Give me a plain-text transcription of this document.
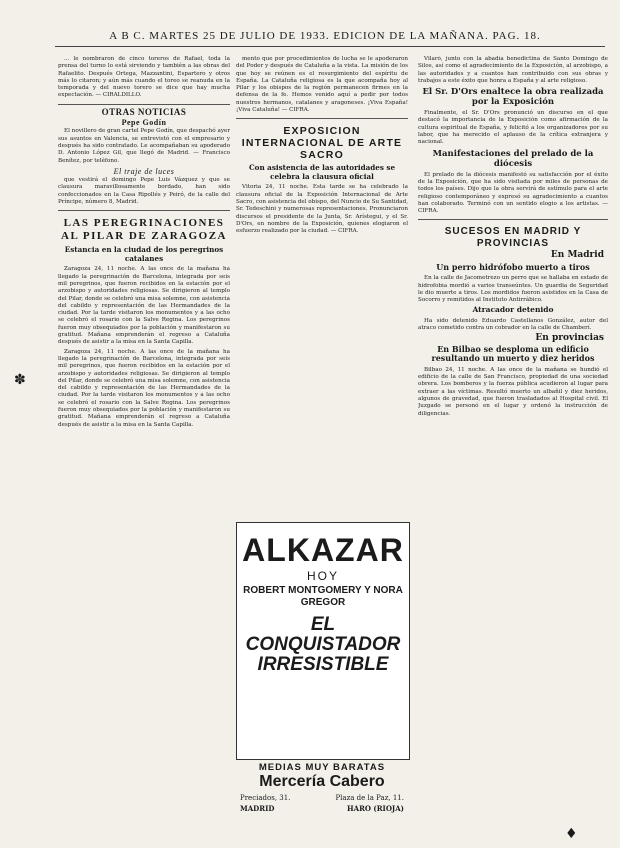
A B C. MARTES 25 DE JULIO DE 1933. EDICION DE LA MAÑANA. PAG. 18.

... le nombraron de cinco toreros de Rafael, toda la prensa del turno lo está sirviendo y también a las obras del Rafaelito. Después Ortega, Mazzantini, Espartero y otros más lo citaron; y aún más cuando el toreo se reanuda en la temporada y del nuevo torero se dice que hay mucha expectación. — CIRALDILLO.

OTRAS NOTICIAS
Pepe Godín

El novillero de gran cartel Pepe Godín, que despachó ayer sus asuntos en Valencia, se entrevistó con el empresario y después ha sido contratado. Le acompañaban su apoderado D. Antonio López Gil, que llegó de Madrid. — Francisco Benítez, por teléfono.

El traje de luces

que vestirá el domingo Pepe Luis Vázquez y que se clausura maravillosamente bordado, han sido confeccionados en la Casa Ripollés y Peiró, de la calle del Príncipe, número 8, Madrid.

LAS PEREGRINACIONES AL PILAR DE ZARAGOZA
Estancia en la ciudad de los peregrinos catalanes

Zaragoza 24, 11 noche. A las once de la mañana ha llegado la peregrinación de Barcelona, integrada por seis mil peregrinos, que fueron recibidos en la estación por el arzobispo y autoridades religiosas. Se dirigieron al templo del Pilar, donde se celebró una misa solemne, con asistencia del cabildo y representación de las Hermandades de la ciudad. Por la tarde visitaron los monumentos y a las ocho se celebró el rosario con la Salve Regina. Los peregrinos fueron muy obsequiados por la población y manifestaron su gratitud. Mañana emprenderán el regreso a Cataluña después de asistir a la misa en la Santa Capilla.

Zaragoza 24, 11 noche. A las once de la mañana ha llegado la peregrinación de Barcelona, integrada por seis mil peregrinos, que fueron recibidos en la estación por el arzobispo y autoridades religiosas. Se dirigieron al templo del Pilar, donde se celebró una misa solemne, con asistencia del cabildo y representación de las Hermandades de la ciudad. Por la tarde visitaron los monumentos y a las ocho se celebró el rosario con la Salve Regina. Los peregrinos fueron muy obsequiados por la población y manifestaron su gratitud. Mañana emprenderán el regreso a Cataluña después de asistir a la misa en la Santa Capilla.

mento que por procedimientos de lucha se le apoderaron del Poder y después de Cataluña a la vista. La misión de los que hoy se reúnen es el resurgimiento del espíritu de España. La Cataluña religiosa es la que acompaña hoy al Pilar y los obispos de la región permanecen firmes en la defensa de la fe. Hemos venido aquí a pedir por todos nuestros hermanos, catalanes y aragoneses. ¡Viva España! ¡Viva Cataluña! — CIFRA.

EXPOSICION INTERNACIONAL DE ARTE SACRO
Con asistencia de las autoridades se celebra la clausura oficial

Vitoria 24, 11 noche. Esta tarde se ha celebrado la clausura oficial de la Exposición Internacional de Arte Sacro, con asistencia del obispo, del Nuncio de Su Santidad, Sr. Tedeschini y numerosas representaciones. Pronunciaron discursos el presidente de la Junta, Sr. Arístegui, y el Sr. D'Ors, en nombre de la Exposición, quienes elogiaron el esfuerzo realizado por la ciudad. — CIFRA.

ALKAZAR
HOY
ROBERT MONTGOMERY Y NORA GREGOR
EL CONQUISTADOR IRRESISTIBLE
MEDIAS MUY BARATAS
Mercería Cabero
Preciados, 31.	Plaza de la Paz, 11.
MADRID	HARO (RIOJA)

Vilaró, junto con la abadía benedictina de Santo Domingo de Silos, así como el agradecimiento de la Exposición, al arzobispo, a las autoridades y a cuantos han contribuido con sus obras y trabajos a este éxito que honra a España y al arte religioso.

El Sr. D'Ors enaltece la obra realizada por la Exposición

Finalmente, el Sr. D'Ors pronunció un discurso en el que destacó la importancia de la Exposición como afirmación de la cultura espiritual de España, y felicitó a los organizadores por su labor, que ha merecido el aplauso de la crítica extranjera y nacional.

Manifestaciones del prelado de la diócesis

El prelado de la diócesis manifestó su satisfacción por el éxito de la Exposición, que ha sido visitada por miles de personas de todos los países. Dijo que la obra servirá de estímulo para el arte religioso contemporáneo y expresó su agradecimiento a cuantos han colaborado. Terminó con un sentido elogio a los artistas. — CIFRA.

SUCESOS EN MADRID Y PROVINCIAS
En Madrid
Un perro hidrófobo muerto a tiros

En la calle de Jacometrezo un perro que se hallaba en estado de hidrofobia mordió a varios transeúntes. Un guardia de Seguridad le dio muerte a tiros. Los mordidos fueron asistidos en la Casa de Socorro y remitidos al Instituto Antirrábico.

Atracador detenido

Ha sido detenido Eduardo Castellanos González, autor del atraco cometido contra un cobrador en la calle de Chamberí.

En provincias
En Bilbao se desploma un edificio resultando un muerto y diez heridos

Bilbao 24, 11 noche. A las once de la mañana se hundió el edificio de la calle de San Francisco, propiedad de una sociedad obrera. Los bomberos y la fuerza pública acudieron al lugar para extraer a las víctimas. Resultó muerto un albañil y diez heridos, algunos de gravedad, que fueron trasladados al Hospital civil. El Juzgado se personó en el lugar y ordenó la instrucción de diligencias.

✽
♦
